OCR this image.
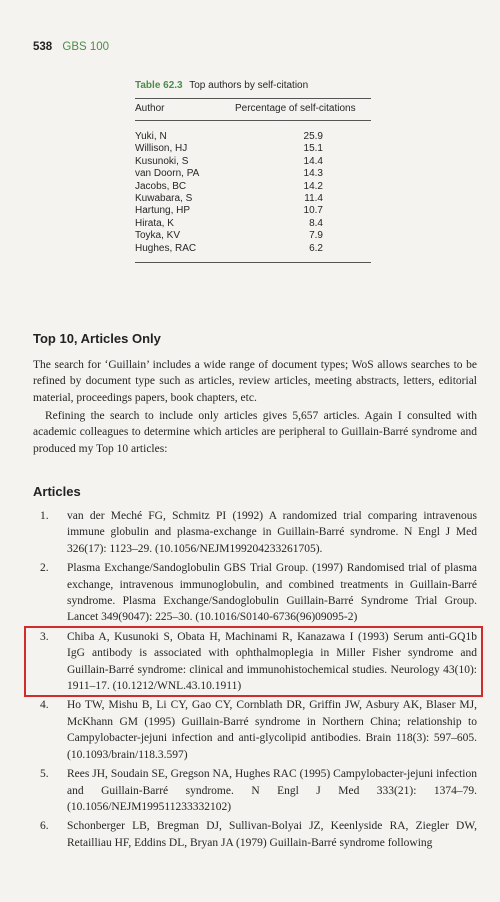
538 GBS 100
Table 62.3 Top authors by self-citation
Author	Percentage of self-citations
Yuki, N	25.9
Willison, HJ	15.1
Kusunoki, S	14.4
van Doorn, PA	14.3
Jacobs, BC	14.2
Kuwabara, S	11.4
Hartung, HP	10.7
Hirata, K	8.4
Toyka, KV	7.9
Hughes, RAC	6.2
Top 10, Articles Only

The search for ‘Guillain’ includes a wide range of document types; WoS allows searches to be refined by document type such as articles, review articles, meeting abstracts, letters, editorial material, proceedings papers, book chapters, etc.

Refining the search to include only articles gives 5,657 articles. Again I consulted with academic colleagues to determine which articles are peripheral to Guillain-Barré syndrome and produced my Top 10 articles:

Articles
1.	van der Meché FG, Schmitz PI (1992) A randomized trial comparing intravenous immune globulin and plasma-exchange in Guillain-Barré syndrome. N Engl J Med 326(17): 1123–29. (10.1056/NEJM199204233261705).
2.	Plasma Exchange/Sandoglobulin GBS Trial Group. (1997) Randomised trial of plasma exchange, intravenous immunoglobulin, and combined treatments in Guillain-Barré syndrome. Plasma Exchange/Sandoglobulin Guillain-Barré Syndrome Trial Group. Lancet 349(9047): 225–30. (10.1016/S0140-6736(96)09095-2)
3.	Chiba A, Kusunoki S, Obata H, Machinami R, Kanazawa I (1993) Serum anti-GQ1b IgG antibody is associated with ophthalmoplegia in Miller Fisher syndrome and Guillain-Barré syndrome: clinical and immunohistochemical studies. Neurology 43(10): 1911–17. (10.1212/WNL.43.10.1911)
4.	Ho TW, Mishu B, Li CY, Gao CY, Cornblath DR, Griffin JW, Asbury AK, Blaser MJ, McKhann GM (1995) Guillain-Barré syndrome in Northern China; relationship to Campylobacter-jejuni infection and anti-glycolipid antibodies. Brain 118(3): 597–605. (10.1093/brain/118.3.597)
5.	Rees JH, Soudain SE, Gregson NA, Hughes RAC (1995) Campylobacter-jejuni infection and Guillain-Barré syndrome. N Engl J Med 333(21): 1374–79. (10.1056/NEJM199511233332102)
6.	Schonberger LB, Bregman DJ, Sullivan-Bolyai JZ, Keenlyside RA, Ziegler DW, Retailliau HF, Eddins DL, Bryan JA (1979) Guillain-Barré syndrome following
